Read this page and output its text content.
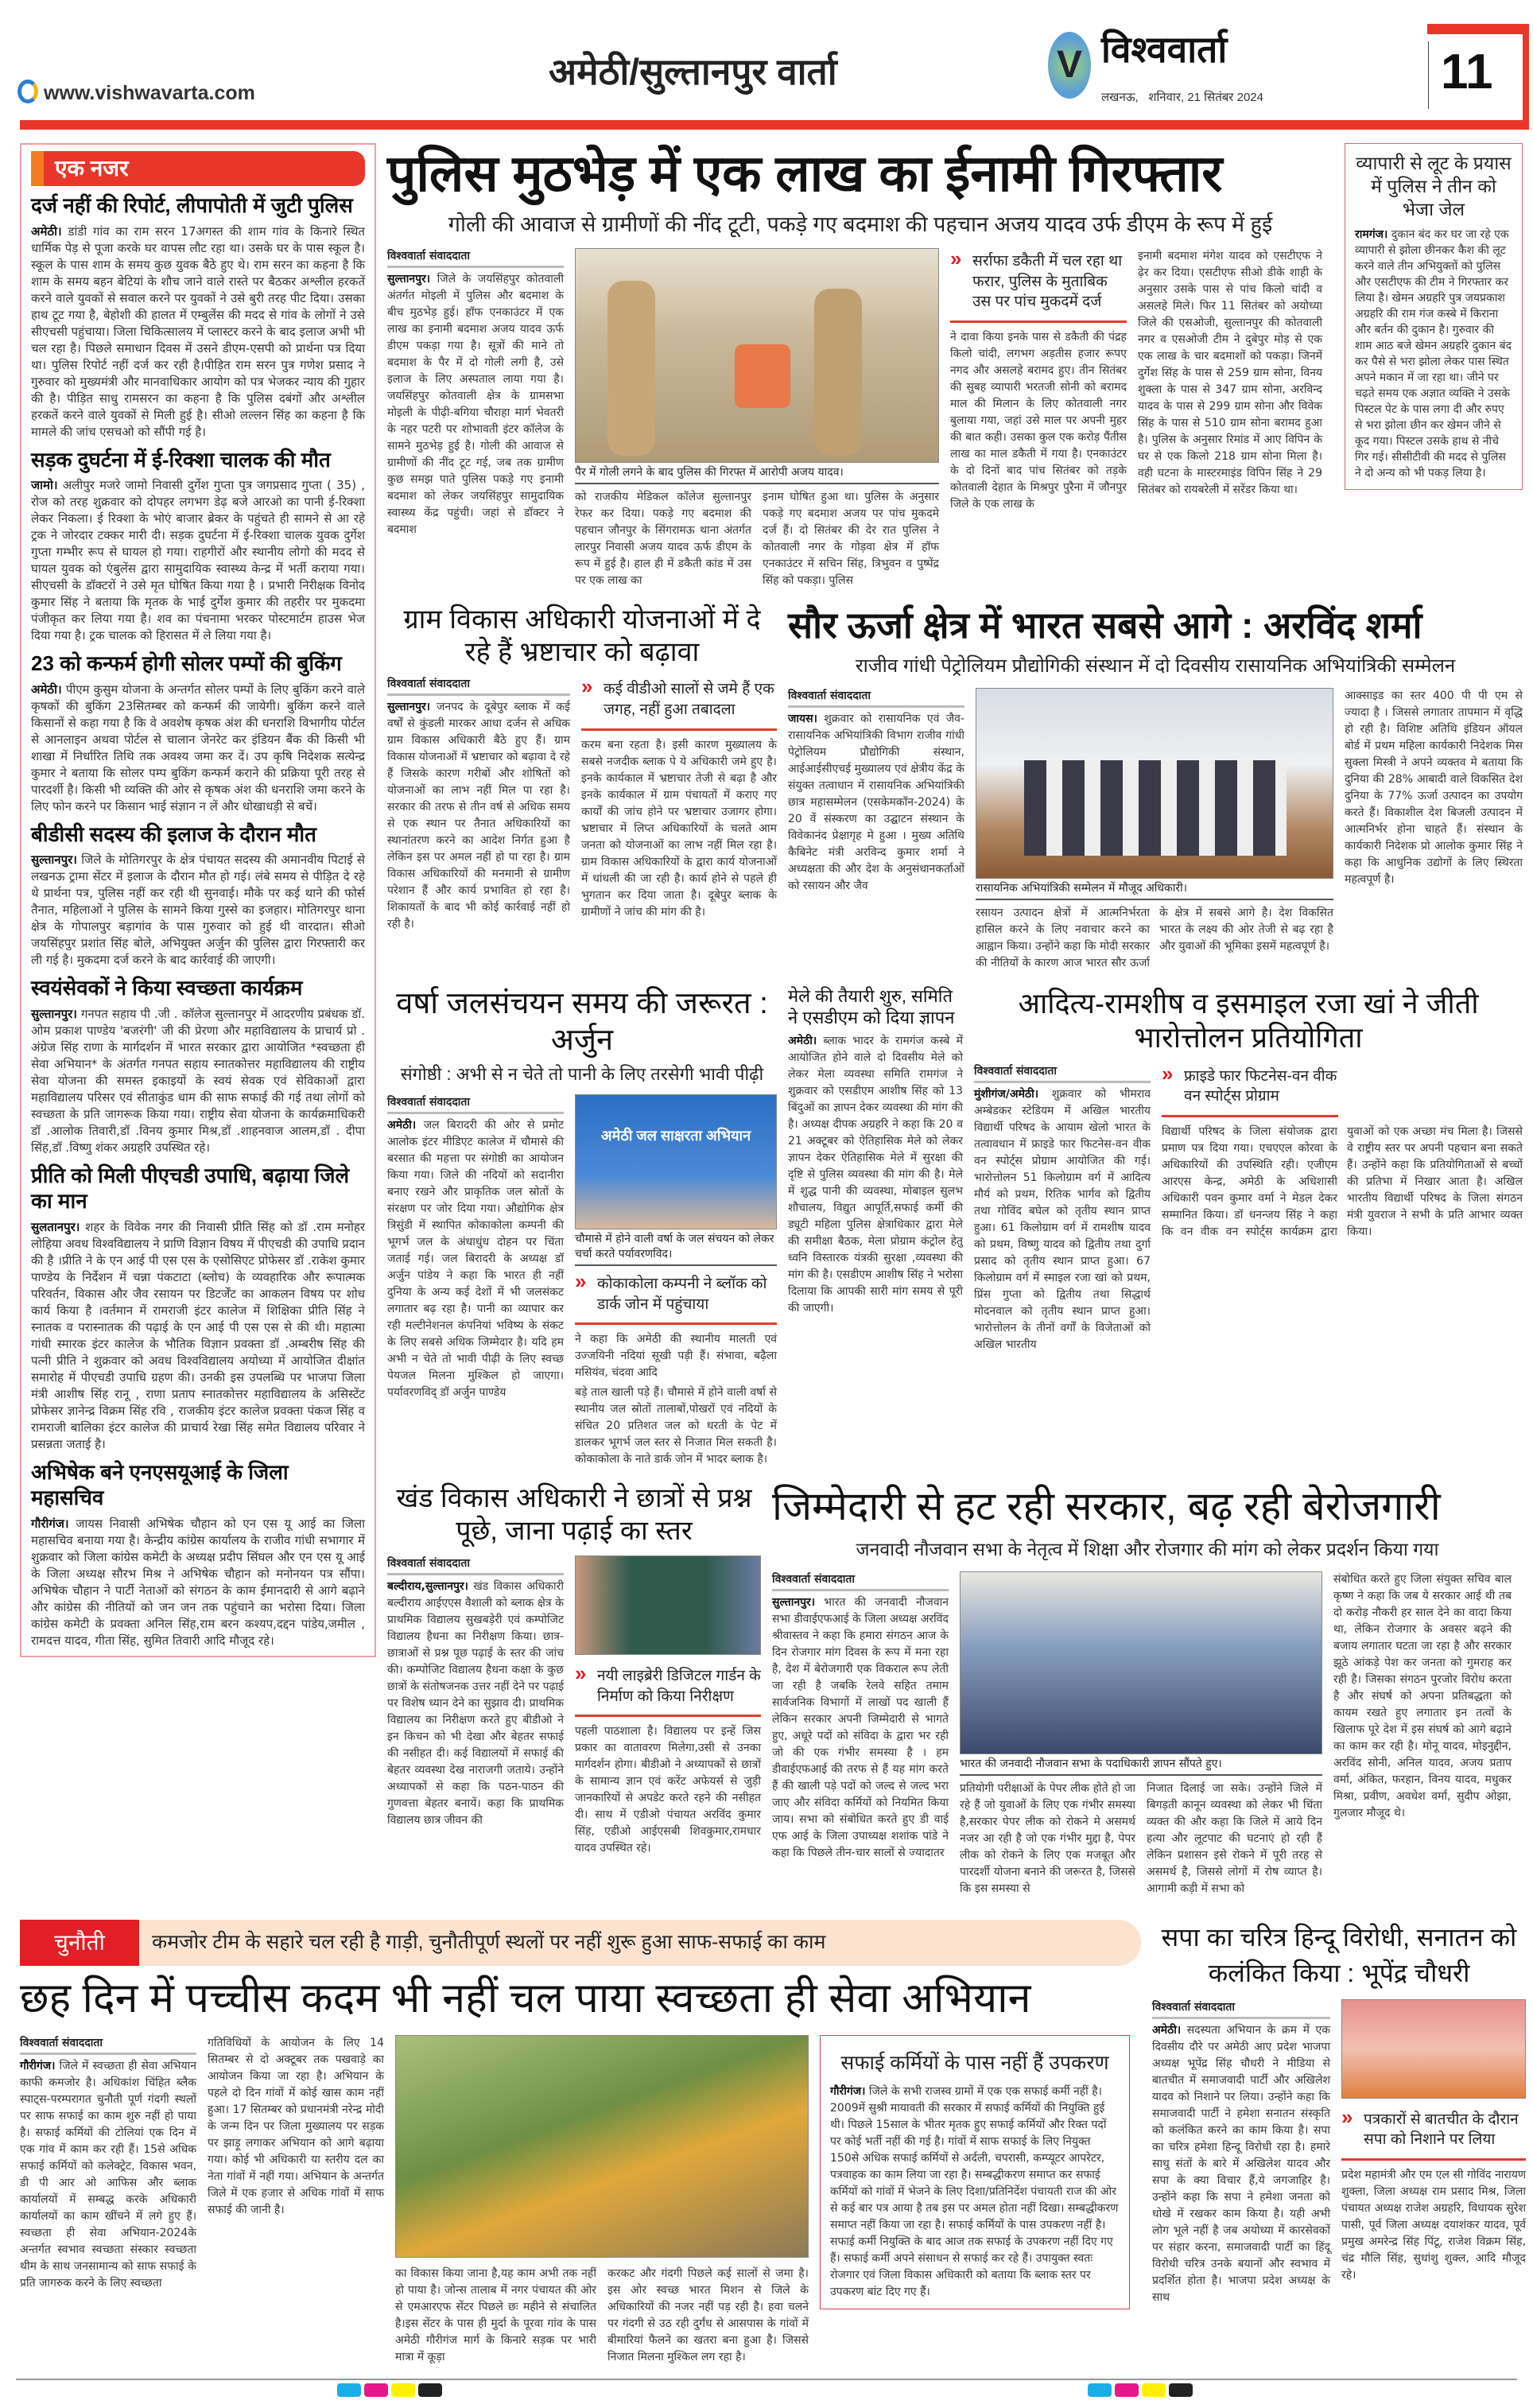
www.vishwavarta.com
अमेठी/सुल्तानपुर वार्ता	V विश्ववार्ता
लखनऊ,   शनिवार, 21 सितंबर 2024	11
एक नजर
दर्ज नहीं की रिपोर्ट, लीपापोती में जुटी पुलिस
अमेठी। डांडी गांव का राम सरन 17अगस्त की शाम गांव के किनारे स्थित धार्मिक पेड़ से पूजा करके घर वापस लौट रहा था। उसके घर के पास स्कूल है। स्कूल के पास शाम के समय कुछ युवक बैठे हुए थे। राम सरन का कहना है कि शाम के समय बहन बेटियां के शौच जाने वाले रास्ते पर बैठकर अश्लील हरकतें करने वाले युवकों से सवाल करने पर युवकों ने उसे बुरी तरह पीट दिया। उसका हाथ टूट गया है, बेहोशी की हालत में एम्बुलेंस की मदद से गांव के लोगों ने उसे सीएचसी पहुंचाया। जिला चिकित्सालय में प्लास्टर करने के बाद इलाज अभी भी चल रहा है। पिछले समाधान दिवस में उसने डीएम-एसपी को प्रार्थना पत्र दिया था। पुलिस रिपोर्ट नहीं दर्ज कर रही है।पीड़ित राम सरन पुत्र गणेश प्रसाद ने गुरुवार को मुख्यमंत्री और मानवाधिकार आयोग को पत्र भेजकर न्याय की गुहार की है। पीड़ित साधु रामसरन का कहना है कि पुलिस दबंगों और अश्लील हरकतें करने वाले युवकों से मिली हुई है। सीओ लल्लन सिंह का कहना है कि मामले की जांच एसचओ को सौंपी गई है।
सड़क दुघर्टना में ई-रिक्शा चालक की मौत
जामो। अलीपुर मजरे जामो निवासी दुर्गेश गुप्ता पुत्र जगप्रसाद गुप्ता ( 35) , रोज को तरह शुक्रवार को दोपहर लगभग डेढ़ बजे आरओ का पानी ई-रिक्शा लेकर निकला। ई रिक्शा के भोएं बाजार ब्रेकर के पहुंचते ही सामने से आ रहे ट्रक ने जोरदार टक्कर मारी दी। सड़क दुघर्टना में ई-रिक्शा चालक युवक दुर्गेश गुप्ता गम्भीर रूप से घायल हो गया। राहगीरों और स्थानीय लोगो की मदद से घायल युवक को एंबुलेंस द्वारा सामुदायिक स्वास्थ्य केन्द्र में भर्ती कराया गया। सीएचसी के डॉक्टरों ने उसे मृत घोषित किया गया है । प्रभारी निरीक्षक विनोद कुमार सिंह ने बताया कि मृतक के भाई दुर्गेश कुमार की तहरीर पर मुकदमा पंजीकृत कर लिया गया है। शव का पंचनामा भरकर पोस्टमार्टम हाउस भेज दिया गया है। ट्रक चालक को हिरासत में ले लिया गया है।
23 को कन्फर्म होगी सोलर पम्पों की बुकिंग
अमेठी। पीएम कुसुम योजना के अन्तर्गत सोलर पम्पों के लिए बुकिंग करने वाले कृषकों की बुकिंग 23सितम्बर को कन्फर्म की जायेगी। बुकिंग करने वाले किसानों से कहा गया है कि वे अवशेष कृषक अंश की धनराशि विभागीय पोर्टल से आनलाइन अथवा पोर्टल से चालान जेनरेट कर इंडियन बैंक की किसी भी शाखा में निर्धारित तिथि तक अवश्य जमा कर दें। उप कृषि निदेशक सत्येन्द्र कुमार ने बताया कि सोलर पम्प बुकिंग कन्फर्म कराने की प्रक्रिया पूरी तरह से पारदर्शी है। किसी भी व्यक्ति की ओर से कृषक अंश की धनराशि जमा करने के लिए फोन करने पर किसान भाई संज्ञान न लें और धोखाधड़ी से बचें।
बीडीसी सदस्य की इलाज के दौरान मौत
सुल्तानपुर। जिले के मोतिगरपुर के क्षेत्र पंचायत सदस्य की अमानवीय पिटाई से लखनऊ ट्रामा सेंटर में इलाज के दौरान मौत हो गई। लंबे समय से पीड़ित दे रहे थे प्रार्थना पत्र, पुलिस नहीं कर रही थी सुनवाई। मौके पर कई थाने की फोर्स तैनात, महिलाओं ने पुलिस के सामने किया गुस्से का इजहार। मोतिगरपुर थाना क्षेत्र के गोपालपुर बड़ागांव के पास गुरुवार को हुई थी वारदात। सीओ जयसिंहपुर प्रशांत सिंह बोले, अभियुक्त अर्जुन की पुलिस द्वारा गिरफ्तारी कर ली गई है। मुकदमा दर्ज करने के बाद कार्रवाई की जाएगी।
स्वयंसेवकों ने किया स्वच्छता कार्यक्रम
सुल्तानपुर। गनपत सहाय पी .जी . कॉलेज सुल्तानपुर में आदरणीय प्रबंधक डॉ. ओम प्रकाश पाण्डेय 'बजरंगी' जी की प्रेरणा और महाविद्यालय के प्राचार्य प्रो . अंग्रेज सिंह राणा के मार्गदर्शन में भारत सरकार द्वारा आयोजित *स्वच्छता ही सेवा अभियान* के अंतर्गत गनपत सहाय स्नातकोत्तर महाविद्यालय की राष्ट्रीय सेवा योजना की समस्त इकाइयों के स्वयं सेवक एवं सेविकाओं द्वारा महाविद्यालय परिसर एवं सीताकुंड धाम की साफ सफाई की गई तथा लोगों को स्वच्छता के प्रति जागरूक किया गया। राष्ट्रीय सेवा योजना के कार्यक्रमाधिकरी डॉ .आलोक तिवारी,डॉ .विनय कुमार मिश्र,डॉ .शाहनवाज आलम,डॉ . दीपा सिंह,डॉ .विष्णु शंकर अग्रहरि उपस्थित रहे।
प्रीति को मिली पीएचडी उपाधि, बढ़ाया जिले का मान
सुलतानपुर। शहर के विवेक नगर की निवासी प्रीति सिंह को डॉ .राम मनोहर लोहिया अवध विश्वविद्यालय ने प्राणि विज्ञान विषय में पीएचडी की उपाधि प्रदान की है ।प्रीति ने के एन आई पी एस एस के एसोसिएट प्रोफेसर डॉ .राकेश कुमार पाण्डेय के निर्देशन में चन्ना पंकटाटा (ब्लोच) के व्यवहारिक और रूपात्मक परिवर्तन, विकास और जैव रसायन पर डिटर्जेंट का आकलन विषय पर शोध कार्य किया है ।वर्तमान में रामराजी इंटर कालेज में शिक्षिका प्रीति सिंह ने स्नातक व परास्नातक की पढ़ाई के एन आई पी एस एस से की थी। महात्मा गांधी स्मारक इंटर कालेज के भौतिक विज्ञान प्रवक्ता डॉ .अम्बरीष सिंह की पत्नी प्रीति ने शुक्रवार को अवध विश्वविद्यालय अयोध्या में आयोजित दीक्षांत समारोह में पीएचडी उपाधि ग्रहण की। उनकी इस उपलब्धि पर भाजपा जिला मंत्री आशीष सिंह रानू , राणा प्रताप स्नातकोत्तर महाविद्यालय के असिस्टेंट प्रोफेसर ज्ञानेन्द्र विक्रम सिंह रवि , राजकीय इंटर कालेज प्रवक्ता पंकज सिंह व रामराजी बालिका इंटर कालेज की प्राचार्य रेखा सिंह समेत विद्यालय परिवार ने प्रसन्नता जताई है।
अभिषेक बने एनएसयूआई के जिला महासचिव
गौरीगंज। जायस निवासी अभिषेक चौहान को एन एस यू आई का जिला महासचिव बनाया गया है। केन्द्रीय कांग्रेस कार्यालय के राजीव गांधी सभागार में शुक्रवार को जिला कांग्रेस कमेटी के अध्यक्ष प्रदीप सिंघल और एन एस यू आई के जिला अध्यक्ष सौरभ मिश्र ने अभिषेक चौहान को मनोनयन पत्र सौंपा। अभिषेक चौहान ने पार्टी नेताओं को संगठन के काम ईमानदारी से आगे बढ़ाने और कांग्रेस की नीतियों को जन जन तक पहुंचाने का भरोसा दिया। जिला कांग्रेस कमेटी के प्रवक्ता अनिल सिंह,राम बरन कश्यप,दद्दन पांडेय,जमील , रामदत्त यादव, गीता सिंह, सुमित तिवारी आदि मौजूद रहे।
पुलिस मुठभेड़ में एक लाख का ईनामी गिरफ्तार
गोली की आवाज से ग्रामीणों की नींद टूटी, पकड़े गए बदमाश की पहचान अजय यादव उर्फ डीएम के रूप में हुई
विश्ववार्ता संवाददाता
सुल्तानपुर। जिले के जयसिंहपुर कोतवाली अंतर्गत मोइली में पुलिस और बदमाश के बीच मुठभेड़ हुई। हॉफ एनकाउंटर में एक लाख का इनामी बदमाश अजय यादव ऊर्फ डीएम पकड़ा गया है। सूत्रों की माने तो बदमाश के पैर में दो गोली लगी है, उसे इलाज के लिए अस्पताल लाया गया है। जयसिंहपुर कोतवाली क्षेत्र के ग्रामसभा मोइली के पीढ़ी-बगिया चौराहा मार्ग भेवतरी के नहर पटरी पर शोभावती इंटर कॉलेज के सामने मुठभेड़ हुई है। गोली की आवाज से ग्रामीणों की नींद टूट गई, जब तक ग्रामीण कुछ समझ पाते पुलिस पकड़े गए इनामी बदमाश को लेकर जयसिंहपुर सामुदायिक स्वास्थ्य केंद्र पहुंची। जहां से डॉक्टर ने बदमाश
पैर में गोली लगने के बाद पुलिस की गिरफ्त में आरोपी अजय यादव।
को राजकीय मेडिकल कॉलेज सुल्तानपुर रेफर कर दिया। पकड़े गए बदमाश की पहचान जौनपुर के सिंगरामऊ थाना अंतर्गत लारपुर निवासी अजय यादव ऊर्फ डीएम के रूप में हुई है। हाल ही में डकैती कांड में उस पर एक लाख का
इनाम घोषित हुआ था। पुलिस के अनुसार पकड़े गए बदमाश अजय पर पांच मुकदमे दर्ज हैं। दो सितंबर की देर रात पुलिस ने कोतवाली नगर के गोड़वा क्षेत्र में हॉफ एनकाउंटर में सचिन सिंह, त्रिभुवन व पुष्पेंद्र सिंह को पकड़ा। पुलिस
» सर्राफा डकैती में चल रहा था फरार, पुलिस के मुताबिक उस पर पांच मुकदमें दर्ज
ने दावा किया इनके पास से डकैती की पंद्रह किलो चांदी, लगभग अड़तीस हजार रूपए नगद और असलहे बरामद हुए। तीन सितंबर की सुबह व्यापारी भरतजी सोनी को बरामद माल की मिलान के लिए कोतवाली नगर बुलाया गया, जहां उसे माल पर अपनी मुहर की बात कही। उसका कुल एक करोड़ पैंतीस लाख का माल डकैती में गया है। एनकाउंटर के दो दिनों बाद पांच सितंबर को तड़के कोतवाली देहात के मिश्रपुर पुरैना में जौनपुर जिले के एक लाख के
इनामी बदमाश मंगेश यादव को एसटीएफ ने ढ़ेर कर दिया। एसटीएफ सीओ डीके शाही के अनुसार उसके पास से पांच किलो चांदी व असलहे मिले। फिर 11 सितंबर को अयोध्या जिले की एसओजी, सुल्तानपुर की कोतवाली नगर व एसओजी टीम ने दुबेपुर मोड़ से एक एक लाख के चार बदमाशों को पकड़ा। जिनमें दुर्गेश सिंह के पास से 259 ग्राम सोना, विनय शुक्ला के पास से 347 ग्राम सोना, अरविन्द यादव के पास से 299 ग्राम सोना और विवेक सिंह के पास से 510 ग्राम सोना बरामद हुआ है। पुलिस के अनुसार रिमांड में आए विपिन के घर से एक किलो 218 ग्राम सोना मिला है। वही घटना के मास्टरमाइंड विपिन सिंह ने 29 सितंबर को रायबरेली में सरेंडर किया था।
व्यापारी से लूट के प्रयास में पुलिस ने तीन को भेजा जेल
रामगंज। दुकान बंद कर घर जा रहे एक व्यापारी से झोला छीनकर कैश की लूट करने वाले तीन अभियुक्तों को पुलिस और एसटीएफ की टीम ने गिरफ्तार कर लिया है। खेमन अग्रहरि पुत्र जयप्रकाश अग्रहरि की राम गंज कस्बे में किराना और बर्तन की दुकान है। गुरुवार की शाम आठ बजे खेमन अग्रहरि दुकान बंद कर पैसे से भरा झोला लेकर पास स्थित अपने मकान में जा रहा था। जीने पर चढ़ते समय एक अज्ञात व्यक्ति ने उसके पिस्टल पेट के पास लगा दी और रुपए से भरा झोला छीन कर खेमन जीने से कूद गया। पिस्टल उसके हाथ से नीचे गिर गई। सीसीटीवी की मदद से पुलिस ने दो अन्य को भी पकड़ लिया है।
ग्राम विकास अधिकारी योजनाओं में दे रहे हैं भ्रष्टाचार को बढ़ावा
विश्ववार्ता संवाददाता
सुल्तानपुर। जनपद के दूबेपुर ब्लाक में कई वर्षों से कुंडली मारकर आधा दर्जन से अधिक ग्राम विकास अधिकारी बैठे हुए हैं। ग्राम विकास योजनाओं में भ्रष्टाचार को बढ़ावा दे रहे हैं जिसके कारण गरीबों और शोषितों को योजनाओं का लाभ नहीं मिल पा रहा है। सरकार की तरफ से तीन वर्ष से अधिक समय से एक स्थान पर तैनात अधिकारियों का स्थानांतरण करने का आदेश निर्गत हुआ है लेकिन इस पर अमल नहीं हो पा रहा है। ग्राम विकास अधिकारियों की मनमानी से ग्रामीण परेशान हैं और कार्य प्रभावित हो रहा है। शिकायतों के बाद भी कोई कार्रवाई नहीं हो रही है।
» कई वीडीओ सालों से जमे हैं एक जगह, नहीं हुआ तबादला
करम बना रहता है। इसी कारण मुख्यालय के सबसे नजदीक ब्लाक पे ये अधिकारी जमे हुए है। इनके कार्यकाल में भ्रष्टाचार तेजी से बढ़ा है और इनके कार्यकाल में ग्राम पंचायतों में कराए गए कार्यों की जांच होने पर भ्रष्टाचार उजागर होगा। भ्रष्टाचार में लिप्त अधिकारियों के चलते आम जनता को योजनाओं का लाभ नहीं मिल रहा है। ग्राम विकास अधिकारियों के द्वारा कार्य योजनाओं में धांधली की जा रही है। कार्य होने से पहले ही भुगतान कर दिया जाता है। दूबेपुर ब्लाक के ग्रामीणों ने जांच की मांग की है।
सौर ऊर्जा क्षेत्र में भारत सबसे आगे : अरविंद शर्मा
राजीव गांधी पेट्रोलियम प्रौद्योगिकी संस्थान में दो दिवसीय रासायनिक अभियांत्रिकी सम्मेलन
विश्ववार्ता संवाददाता
जायस। शुक्रवार को रासायनिक एवं जैव-रासायनिक अभियांत्रिकी विभाग राजीव गांधी पेट्रोलियम प्रौद्योगिकी संस्थान, आईआईसीएचई मुख्यालय एवं क्षेत्रीय केंद्र के संयुक्त तत्वाधान में रासायनिक अभियांत्रिकी छात्र महासम्मेलन (एसकेमकॉन-2024) के 20 वें संस्करण का उद्घाटन संस्थान के विवेकानंद प्रेक्षागृह मे हुआ । मुख्य अतिथि कैबिनेट मंत्री अरविन्द कुमार शर्मा ने अध्यक्षता की और देश के अनुसंधानकर्ताओं को रसायन और जैव	रासायनिक अभियांत्रिकी सम्मेलन में मौजूद अधिकारी।
रसायन उत्पादन क्षेत्रों में आत्मनिर्भरता हासिल करने के लिए नवाचार करने का आह्वान किया। उन्होंने कहा कि मोदी सरकार की नीतियों के कारण आज भारत सौर ऊर्जा के क्षेत्र में सबसे आगे है। देश विकसित भारत के लक्ष्य की ओर तेजी से बढ़ रहा है और युवाओं की भूमिका इसमें महत्वपूर्ण है।
आक्साइड का स्तर 400 पी पी एम से ज्यादा है । जिससे लगातार तापमान में वृद्धि हो रही है। विशिष्ट अतिथि इंडियन ऑयल बोर्ड में प्रथम महिला कार्यकारी निदेशक मिस सुक्ला मिस्त्री ने अपने व्यक्तव मे बताया कि दुनिया की 28% आबादी वाले विकसित देश दुनिया के 77% ऊर्जा उत्पादन का उपयोग करते हैं। विकाशील देश बिजली उत्पादन में आत्मनिर्भर होना चाहते हैं। संस्थान के कार्यकारी निदेशक प्रो आलोक कुमार सिंह ने कहा कि आधुनिक उद्योगों के लिए स्थिरता महत्वपूर्ण है।
वर्षा जलसंचयन समय की जरूरत : अर्जुन
संगोष्ठी : अभी से न चेते तो पानी के लिए तरसेगी भावी पीढ़ी
विश्ववार्ता संवाददाता
अमेठी। जल बिरादरी की ओर से प्रमोट आलोक इंटर मीडिएट कालेज में चौमासे की बरसात की महत्ता पर संगोष्ठी का आयोजन किया गया। जिले की नदियों को सदानीरा बनाए रखने और प्राकृतिक जल स्रोतों के संरक्षण पर जोर दिया गया। औद्योगिक क्षेत्र त्रिसुंडी में स्थापित कोकाकोला कम्पनी की भूगर्भ जल के अंधाधुंध दोहन पर चिंता जताई गई। जल बिरादरी के अध्यक्ष डॉ अर्जुन पांडेय ने कहा कि भारत ही नहीं दुनिया के अन्य कई देशों में भी जलसंकट लगातार बढ़ रहा है। पानी का व्यापार कर रही मल्टीनेशनल कंपनियां भविष्य के संकट के लिए सबसे अधिक जिम्मेदार है। यदि हम अभी न चेते तो भावी पीढ़ी के लिए स्वच्छ पेयजल मिलना मुश्किल हो जाएगा। पर्यावरणविद् डॉ अर्जुन पाण्डेय
अमेठी जल साक्षरता अभियान
चौमासे में होने वाली वर्षा के जल संचयन को लेकर चर्चा करते पर्यावरणविद।
» कोकाकोला कम्पनी ने ब्लॉक को डार्क जोन में पहुंचाया
ने कहा कि अमेठी की स्थानीय मालती एवं उज्जयिनी नदियां सूखी पड़ी हैं। संभावा, बढ़ैला मसियंव, चंदवा आदि
बड़े ताल खाली पड़े हैं। चौमासे में होने वाली वर्षा से स्थानीय जल स्रोतों तालाबों,पोखरों एवं नदियों के संचित 20 प्रतिशत जल को धरती के पेट में डालकर भूगर्भ जल स्तर से निजात मिल सकती है। कोकाकोला के नाते डार्क जोन में भादर ब्लाक है।
मेले की तैयारी शुरु, समिति ने एसडीएम को दिया ज्ञापन
अमेठी। ब्लाक भादर के रामगंज कस्बे में आयोजित होने वाले दो दिवसीय मेले को लेकर मेला व्यवस्था समिति रामगंज ने शुक्रवार को एसडीएम आशीष सिंह को 13 बिंदुओं का ज्ञापन देकर व्यवस्था की मांग की है। अध्यक्ष दीपक अग्रहरि ने कहा कि 20 व 21 अक्टूबर को ऐतिहासिक मेले को लेकर ज्ञापन देकर ऐतिहासिक मेले में सुरक्षा की दृष्टि से पुलिस व्यवस्था की मांग की है। मेले में शुद्ध पानी की व्यवस्था, मोबाइल सुलभ शौचालय, विद्युत आपूर्ति,सफाई कर्मी की ड्यूटी महिला पुलिस क्षेत्राधिकार द्वारा मेले की समीक्षा बैठक, मेला प्रोग्राम कंट्रोल हेतु ध्वनि विस्तारक यंत्रकी सुरक्षा ,व्यवस्था की मांग की है। एसडीएम आशीष सिंह ने भरोसा दिलाया कि आपकी सारी मांग समय से पूरी की जाएगी।
आदित्य-रामशीष व इसमाइल रजा खां ने जीती भारोत्तोलन प्रतियोगिता
विश्ववार्ता संवाददाता
मुंशीगंज/अमेठी। शुक्रवार को भीमराव अम्बेडकर स्टेडियम में अखिल भारतीय विद्यार्थी परिषद के आयाम खेलो भारत के तत्वावधान में फ्राइडे फार फिटनेस-वन वीक वन स्पोर्ट्स प्रोग्राम आयोजित की गई। भारोत्तोलन 51 किलोग्राम वर्ग में आदित्य मौर्य को प्रथम, रितिक भार्गव को द्वितीय तथा गोविंद बघेल को तृतीय स्थान प्राप्त हुआ। 61 किलोग्राम वर्ग में रामशीष यादव को प्रथम, विष्णु यादव को द्वितीय तथा दुर्गा प्रसाद को तृतीय स्थान प्राप्त हुआ। 67 किलोग्राम वर्ग में स्माइल रजा खां को प्रथम, प्रिंस गुप्ता को द्वितीय तथा सिद्धार्थ मोदनवाल को तृतीय स्थान प्राप्त हुआ। भारोत्तोलन के तीनों वर्गों के विजेताओं को अखिल भारतीय
» फ्राइडे फार फिटनेस-वन वीक वन स्पोर्ट्स प्रोग्राम
विद्यार्थी परिषद के जिला संयोजक द्वारा प्रमाण पत्र दिया गया। एचएएल कोरवा के अधिकारियों की उपस्थिति रही। एजीएम आरएस केन्द्र, अमेठी के अधिशासी अधिकारी पवन कुमार वर्मा ने मेडल देकर सम्मानित किया। डॉ धनन्जय सिंह ने कहा कि वन वीक वन स्पोर्ट्स कार्यक्रम द्वारा युवाओं को एक अच्छा मंच मिला है। जिससे वे राष्ट्रीय स्तर पर अपनी पहचान बना सकते हैं। उन्होंने कहा कि प्रतियोगिताओं से बच्चों की प्रतिभा में निखार आता है। अखिल भारतीय विद्यार्थी परिषद के जिला संगठन मंत्री युवराज ने सभी के प्रति आभार व्यक्त किया।
खंड विकास अधिकारी ने छात्रों से प्रश्न पूछे, जाना पढ़ाई का स्तर
विश्ववार्ता संवाददाता
बल्दीराय,सुल्तानपुर। खंड विकास अधिकारी बल्दीराय आईएएस वैशाली को ब्लाक क्षेत्र के प्राथमिक विद्यालय सुखबड़ेरी एवं कम्पोजिट विद्यालय हैधना का निरीक्षण किया। छात्र-छात्राओं से प्रश्न पूछ पढ़ाई के स्तर की जांच की। कम्पोजिट विद्यालय हैधना कक्षा के कुछ छात्रों के संतोषजनक उत्तर नहीं देने पर पढ़ाई पर विशेष ध्यान देने का सुझाव दी। प्राथमिक विद्यालय का निरीक्षण करते हुए बीडीओ ने इन किचन को भी देखा और बेहतर सफाई की नसीहत दी। कई विद्यालयों में सफाई की बेहतर व्यवस्था देख नाराजगी जताये। उन्होंने अध्यापकों से कहा कि पठन-पाठन की गुणवत्ता बेहतर बनायें। कहा कि प्राथमिक विद्यालय छात्र जीवन की
» नयी लाइब्रेरी डिजिटल गार्डन के निर्माण को किया निरीक्षण
पहली पाठशाला है। विद्यालय पर इन्हें जिस प्रकार का वातावरण मिलेगा,उसी से उनका मार्गदर्शन होगा। बीडीओ ने अध्यापकों से छात्रों के सामान्य ज्ञान एवं करेंट अफेयर्स से जुड़ी जानकारियों से अपडेट करते रहने की नसीहत दी। साथ में एडीओ पंचायत अरविंद कुमार सिंह, एडीओ आईएसबी शिवकुमार,रामधार यादव उपस्थित रहे।
जिम्मेदारी से हट रही सरकार, बढ़ रही बेरोजगारी
जनवादी नौजवान सभा के नेतृत्व में शिक्षा और रोजगार की मांग को लेकर प्रदर्शन किया गया
विश्ववार्ता संवाददाता
सुल्तानपुर। भारत की जनवादी नौजवान सभा डीवाईएफआई के जिला अध्यक्ष अरविंद श्रीवास्तव ने कहा कि हमारा संगठन आज के दिन रोजगार मांग दिवस के रूप में मना रहा है, देश में बेरोजगारी एक विकराल रूप लेती जा रही है जबकि रेलवे सहित तमाम सार्वजनिक विभागों में लाखों पद खाली हैं लेकिन सरकार अपनी जिम्मेदारी से भागते हुए, अधूरे पदों को संविदा के द्वारा भर रही जो की एक गंभीर समस्या है । हम डीवाईएफआई की तरफ से हैं यह मांग करते हैं की खाली पड़े पदों को जल्द से जल्द भरा जाए और संविदा कर्मियों को नियमित किया जाय। सभा को संबोधित करते हुए डी वाई एफ आई के जिला उपाध्यक्ष शशांक पांडे ने कहा कि पिछले तीन-चार सालों से ज्यादातर
भारत की जनवादी नौजवान सभा के पदाधिकारी ज्ञापन सौंपते हुए।
प्रतियोगी परीक्षाओं के पेपर लीक होते हो जा रहे हैं जो युवाओं के लिए एक गंभीर समस्या है,सरकार पेपर लीक को रोकने मे असमर्थ नजर आ रही है जो एक गंभीर मुद्दा है, पेपर लीक को रोकने के लिए एक मजबूत और पारदर्शी योजना बनाने की जरूरत है, जिससे कि इस समस्या से
निजात दिलाई जा सके। उन्होंने जिले में बिगड़ती कानून व्यवस्था को लेकर भी चिंता व्यक्त की और कहा कि जिले में आये दिन हत्या और लूटपाट की घटनाएं हो रही हैं लेकिन प्रशासन इसे रोकने में पूरी तरह से असमर्थ है, जिससे लोगों में रोष व्याप्त है। आगामी कड़ी में सभा को
संबोधित करते हुए जिला संयुक्त सचिव बाल कृष्ण ने कहा कि जब ये सरकार आई थी तब दो करोड़ नौकरी हर साल देने का वादा किया था, लेकिन रोजगार के अवसर बढ़ने की बजाय लगातार घटता जा रहा है और सरकार झूठे आंकड़े पेश कर जनता को गुमराह कर रही है। जिसका संगठन पुरजोर विरोध करता है और संघर्ष को अपना प्रतिबद्धता को कायम रखते हुए लगातार इन तत्वों के खिलाफ पूरे देश में इस संघर्ष को आगे बढ़ाने का काम कर रही है। मोनू यादव, मोइनुद्दीन, अरविंद सोनी, अनिल यादव, अजय प्रताप वर्मा, अंकित, फरहान, विनय यादव, मधुकर मिश्रा, प्रवीण, अवधेश वर्मा, सुदीप ओझा, गुलजार मौजूद थे।
चुनौती	कमजोर टीम के सहारे चल रही है गाड़ी, चुनौतीपूर्ण स्थलों पर नहीं शुरू हुआ साफ-सफाई का काम
छह दिन में पच्चीस कदम भी नहीं चल पाया स्वच्छता ही सेवा अभियान
विश्ववार्ता संवाददाता
गौरीगंज। जिले में स्वच्छता ही सेवा अभियान काफी कमजोर है। अधिकांश चिंहित ब्लैक स्पाट्स-परम्परागत चुनौती पूर्ण गंदगी स्थलों पर साफ सफाई का काम शुरु नहीं हो पाया है। सफाई कर्मियों की टोलियां एक दिन में एक गांव में काम कर रही हैं। 15से अधिक सफाई कर्मियों को कलेक्ट्रेट, विकास भवन, डी पी आर ओ आफिस और ब्लाक कार्यालयों में सम्बद्ध करके अधिकारी कार्यालयों का काम खींचने में लगे हुए हैं। स्वच्छता ही सेवा अभियान-2024के अन्तर्गत स्वभाव स्वच्छता संस्कार स्वच्छता थीम के साथ जनसामान्य को साफ सफाई के प्रति जागरुक करने के लिए स्वच्छता
गतिविधियों के आयोजन के लिए 14 सितम्बर से दो अक्टूबर तक पखवाड़े का आयोजन किया जा रहा है। अभियान के पहले दो दिन गांवों में कोई खास काम नहीं हुआ। 17 सितम्बर को प्रधानमंत्री नरेन्द्र मोदी के जन्म दिन पर जिला मुख्यालय पर सड़क पर झाड़ू लगाकर अभियान को आगे बढ़ाया गया। कोई भी अधिकारी या स्तरीय दल का नेता गांवों में नहीं गया। अभियान के अन्तर्गत जिले में एक हजार से अधिक गांवों में साफ सफाई की जानी है।
का विकास किया जाना है,यह काम अभी तक नहीं हो पाया है। जोन्स तालाब में नगर पंचायत की ओर से एमआरएफ सेंटर पिछले छः महीने से संचालित है।इस सेंटर के पास ही मुर्दा के पूरवा गांव के पास अमेठी गौरीगंज मार्ग के किनारे सड़क पर भारी मात्रा में कूड़ा
करकट और गंदगी पिछले कई सालों से जमा है। इस ओर स्वच्छ भारत मिशन से जिले के अधिकारियों की नजर नहीं पड़ रही है। हवा चलने पर गंदगी से उठ रही दुर्गंध से आसपास के गांवों में बीमारियां फैलने का खतरा बना हुआ है। जिससे निजात मिलना मुश्किल लग रहा है।
सफाई कर्मियों के पास नहीं हैं उपकरण
गौरीगंज। जिले के सभी राजस्व ग्रामों में एक एक सफाई कर्मी नहीं है। 2009में सुश्री मायावती की सरकार में सफाई कर्मियों की नियुक्ति हुई थी। पिछले 15साल के भीतर मृतक हुए सफाई कर्मियों और रिक्त पदों पर कोई भर्ती नहीं की गई है। गांवों में साफ सफाई के लिए नियुक्त 150से अधिक सफाई कर्मियों से अर्दली, चपरासी, कम्प्यूटर आपरेटर, पत्रवाहक का काम लिया जा रहा है। सम्बद्धीकरण समाप्त कर सफाई कर्मियों को गांवों में भेजने के लिए दिशा/प्रतिनिर्देश पंचायती राज की ओर से कई बार पत्र आया है तब इस पर अमल होता नहीं दिखा। सम्बद्धीकरण समाप्त नहीं किया जा रहा है। सफाई कर्मियों के पास उपकरण नहीं है। सफाई कर्मी नियुक्ति के बाद आज तक सफाई के उपकरण नहीं दिए गए हैं। सफाई कर्मी अपने संसाधन से सफाई कर रहे हैं। उपायुक्त स्वतः रोजगार एवं जिला विकास अधिकारी को बताया कि ब्लाक स्तर पर उपकरण बांट दिए गए हैं।
सपा का चरित्र हिन्दू विरोधी, सनातन को कलंकित किया : भूपेंद्र चौधरी
विश्ववार्ता संवाददाता
अमेठी। सदस्यता अभियान के क्रम में एक दिवसीय दौरे पर अमेठी आए प्रदेश भाजपा अध्यक्ष भूपेंद्र सिंह चौधरी ने मीडिया से बातचीत में समाजवादी पार्टी और अखिलेश यादव को निशाने पर लिया। उन्होंने कहा कि समाजवादी पार्टी ने हमेशा सनातन संस्कृति को कलंकित करने का काम किया है। सपा का चरित्र हमेशा हिन्दू विरोधी रहा है। हमारे साधु संतों के बारे में अखिलेश यादव और सपा के क्या विचार हैं,ये जगजाहिर है। उन्होंने कहा कि सपा ने हमेशा जनता को धोखे में रखकर काम किया है। यही अभी लोग भूले नहीं है जब अयोध्या में कारसेवकों पर संहार करना, समाजवादी पार्टी का हिंदू विरोधी चरित्र उनके बयानों और स्वभाव में प्रदर्शित होता है। भाजपा प्रदेश अध्यक्ष के साथ
» पत्रकारों से बातचीत के दौरान सपा को निशाने पर लिया
प्रदेश महामंत्री और एम एल सी गोविंद नारायण शुक्ला, जिला अध्यक्ष राम प्रसाद मिश्र, जिला पंचायत अध्यक्ष राजेश अग्रहरि, विधायक सुरेश पासी, पूर्व जिला अध्यक्ष दयाशंकर यादव, पूर्व प्रमुख अमरेन्द्र सिंह पिंटू, राजेश विक्रम सिंह, चंद्र मौलि सिंह, सुधांशु शुक्ल, आदि मौजूद रहे।
